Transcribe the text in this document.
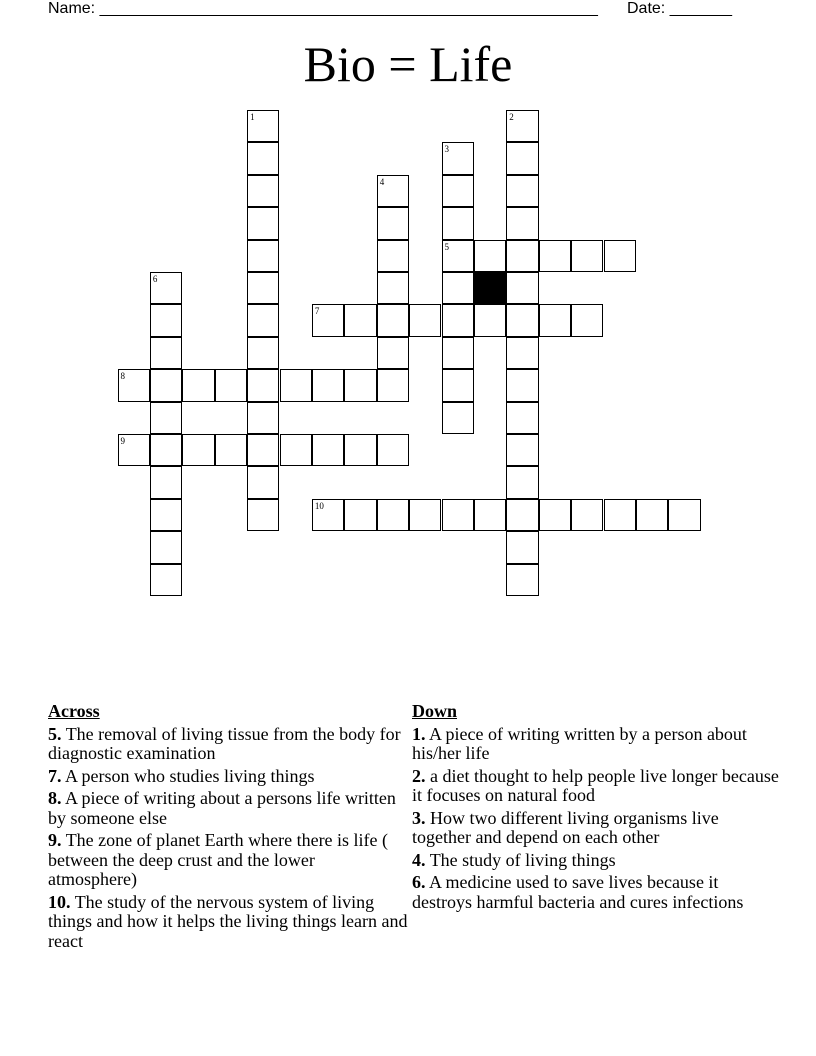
Name: ________________________________________________________ Date: _______
Bio = Life
1	2
3
5
4
6
7
8
9
10
Across
5. The removal of living tissue from the body for diagnostic examination
7. A person who studies living things
8. A piece of writing about a persons life written by someone else
9. The zone of planet Earth where there is life ( between the deep crust and the lower atmosphere)
10. The study of the nervous system of living things and how it helps the living things learn and react
Down
1. A piece of writing written by a person about his/her life
2. a diet thought to help people live longer because it focuses on natural food
3. How two different living organisms live together and depend on each other
4. The study of living things
6. A medicine used to save lives because it destroys harmful bacteria and cures infections
